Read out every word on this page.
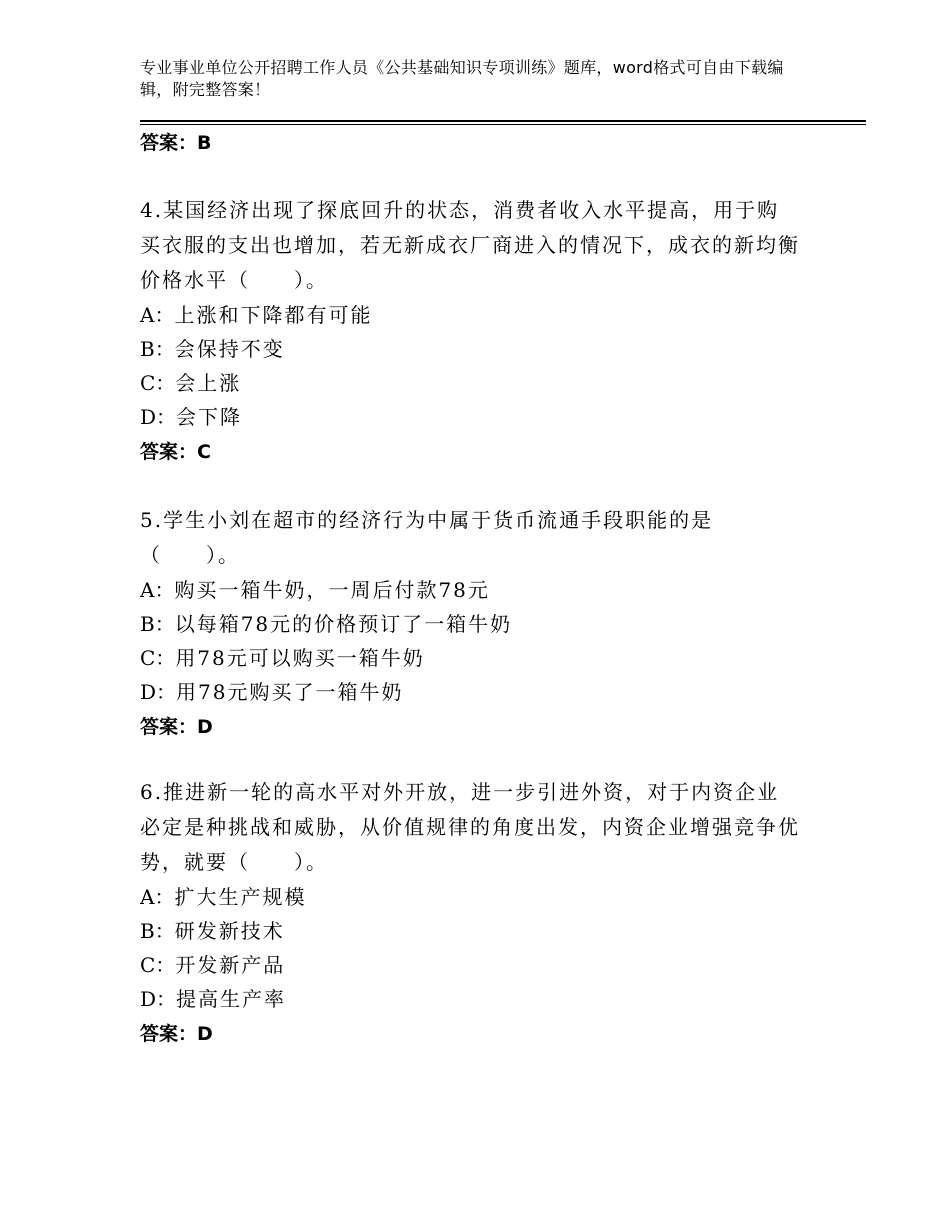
专业事业单位公开招聘工作人员《公共基础知识专项训练》题库，word格式可自由下载编辑，附完整答案！
答案：B
4.某国经济出现了探底回升的状态，消费者收入水平提高，用于购买衣服的支出也增加，若无新成衣厂商进入的情况下，成衣的新均衡价格水平（　　）。
A：上涨和下降都有可能
B：会保持不变
C：会上涨
D：会下降
答案：C
5.学生小刘在超市的经济行为中属于货币流通手段职能的是（　　）。
A：购买一箱牛奶，一周后付款78元
B：以每箱78元的价格预订了一箱牛奶
C：用78元可以购买一箱牛奶
D：用78元购买了一箱牛奶
答案：D
6.推进新一轮的高水平对外开放，进一步引进外资，对于内资企业必定是种挑战和威胁，从价值规律的角度出发，内资企业增强竞争优势，就要（　　）。
A：扩大生产规模
B：研发新技术
C：开发新产品
D：提高生产率
答案：D
